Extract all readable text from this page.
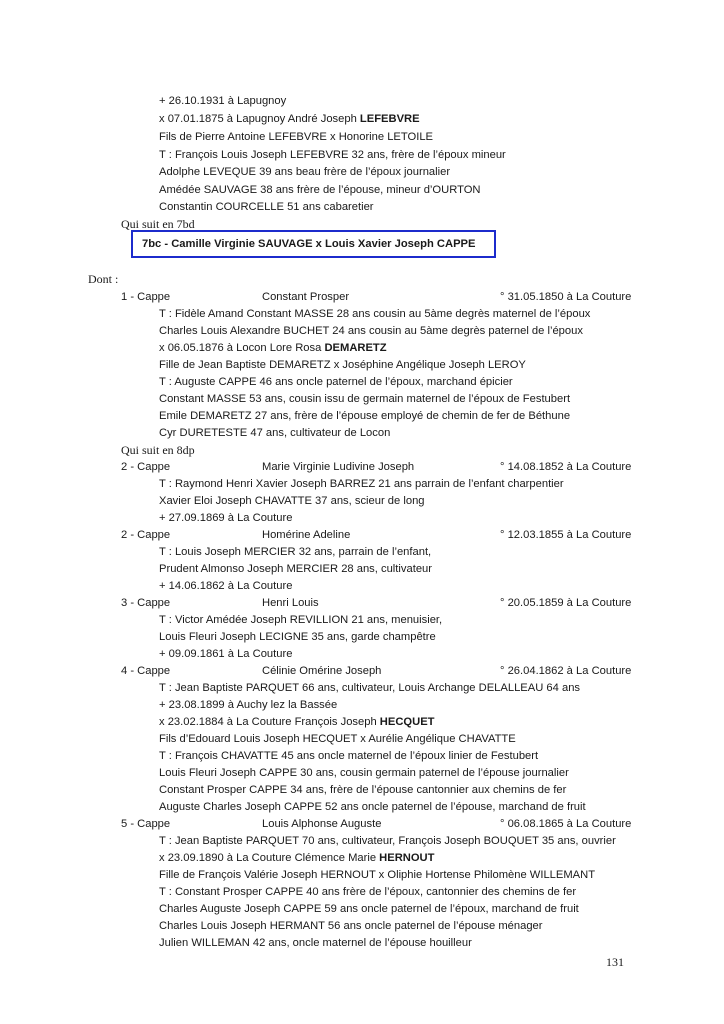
+ 26.10.1931 à Lapugnoy
x 07.01.1875 à Lapugnoy André Joseph LEFEBVRE
Fils de Pierre Antoine LEFEBVRE x Honorine LETOILE
T : François Louis Joseph LEFEBVRE 32 ans, frère de l’époux mineur
Adolphe LEVEQUE 39 ans beau frère de l’époux journalier
Amédée SAUVAGE 38 ans frère de l’épouse, mineur d’OURTON
Constantin COURCELLE 51 ans cabaretier
Qui suit en 7bd
7bc - Camille Virginie SAUVAGE x Louis Xavier Joseph CAPPE
Dont :
1 - Cappe	Constant Prosper	° 31.05.1850 à La Couture
T : Fidèle Amand Constant MASSE 28 ans cousin au 5àme degrès maternel de l’époux
Charles Louis Alexandre BUCHET 24 ans cousin au 5àme degrès paternel de l’époux
x 06.05.1876 à Locon Lore Rosa DEMARETZ
Fille de Jean Baptiste DEMARETZ x Joséphine Angélique Joseph LEROY
T : Auguste CAPPE 46 ans oncle paternel de l’époux, marchand épicier
Constant MASSE 53 ans, cousin issu de germain maternel de l’époux de Festubert
Emile DEMARETZ 27 ans, frère de l’épouse employé de chemin de fer de Béthune
Cyr DURETESTE 47 ans, cultivateur de Locon
Qui suit en 8dp
2 - Cappe	Marie Virginie Ludivine Joseph	° 14.08.1852 à La Couture
T : Raymond Henri Xavier Joseph BARREZ 21 ans parrain de l’enfant charpentier
Xavier Eloi Joseph CHAVATTE 37 ans, scieur de long
+ 27.09.1869 à La Couture
2 - Cappe	Homérine Adeline	° 12.03.1855 à La Couture
T : Louis Joseph MERCIER 32 ans, parrain de l’enfant,
Prudent Almonso Joseph MERCIER 28 ans, cultivateur
+ 14.06.1862 à La Couture
3 - Cappe	Henri Louis	° 20.05.1859 à La Couture
T : Victor Amédée Joseph REVILLION 21 ans, menuisier,
Louis Fleuri Joseph LECIGNE 35 ans, garde champêtre
+ 09.09.1861 à La Couture
4 - Cappe	Célinie Omérine Joseph	° 26.04.1862 à La Couture
T : Jean Baptiste PARQUET 66 ans, cultivateur, Louis Archange DELALLEAU 64 ans
+ 23.08.1899 à Auchy lez la Bassée
x 23.02.1884 à La Couture François Joseph HECQUET
Fils d’Edouard Louis Joseph HECQUET x Aurélie Angélique CHAVATTE
T : François CHAVATTE 45 ans oncle maternel de l’époux linier de Festubert
Louis Fleuri Joseph CAPPE 30 ans, cousin germain paternel de l’épouse journalier
Constant Prosper CAPPE 34 ans, frère de l’épouse cantonnier aux chemins de fer
Auguste Charles Joseph CAPPE 52 ans oncle paternel de l’épouse, marchand de fruit
5 - Cappe	Louis Alphonse Auguste	° 06.08.1865 à La Couture
T : Jean Baptiste PARQUET 70 ans, cultivateur, François Joseph BOUQUET 35 ans, ouvrier
x 23.09.1890 à La Couture Clémence Marie HERNOUT
Fille de François Valérie Joseph HERNOUT x Oliphie Hortense Philomène WILLEMANT
T : Constant Prosper CAPPE 40 ans frère de l’époux, cantonnier des chemins de fer
Charles Auguste Joseph CAPPE 59 ans oncle paternel de l’époux, marchand de fruit
Charles Louis Joseph HERMANT 56 ans oncle paternel de l’épouse ménager
Julien WILLEMAN 42 ans, oncle maternel de l’épouse houilleur
131
